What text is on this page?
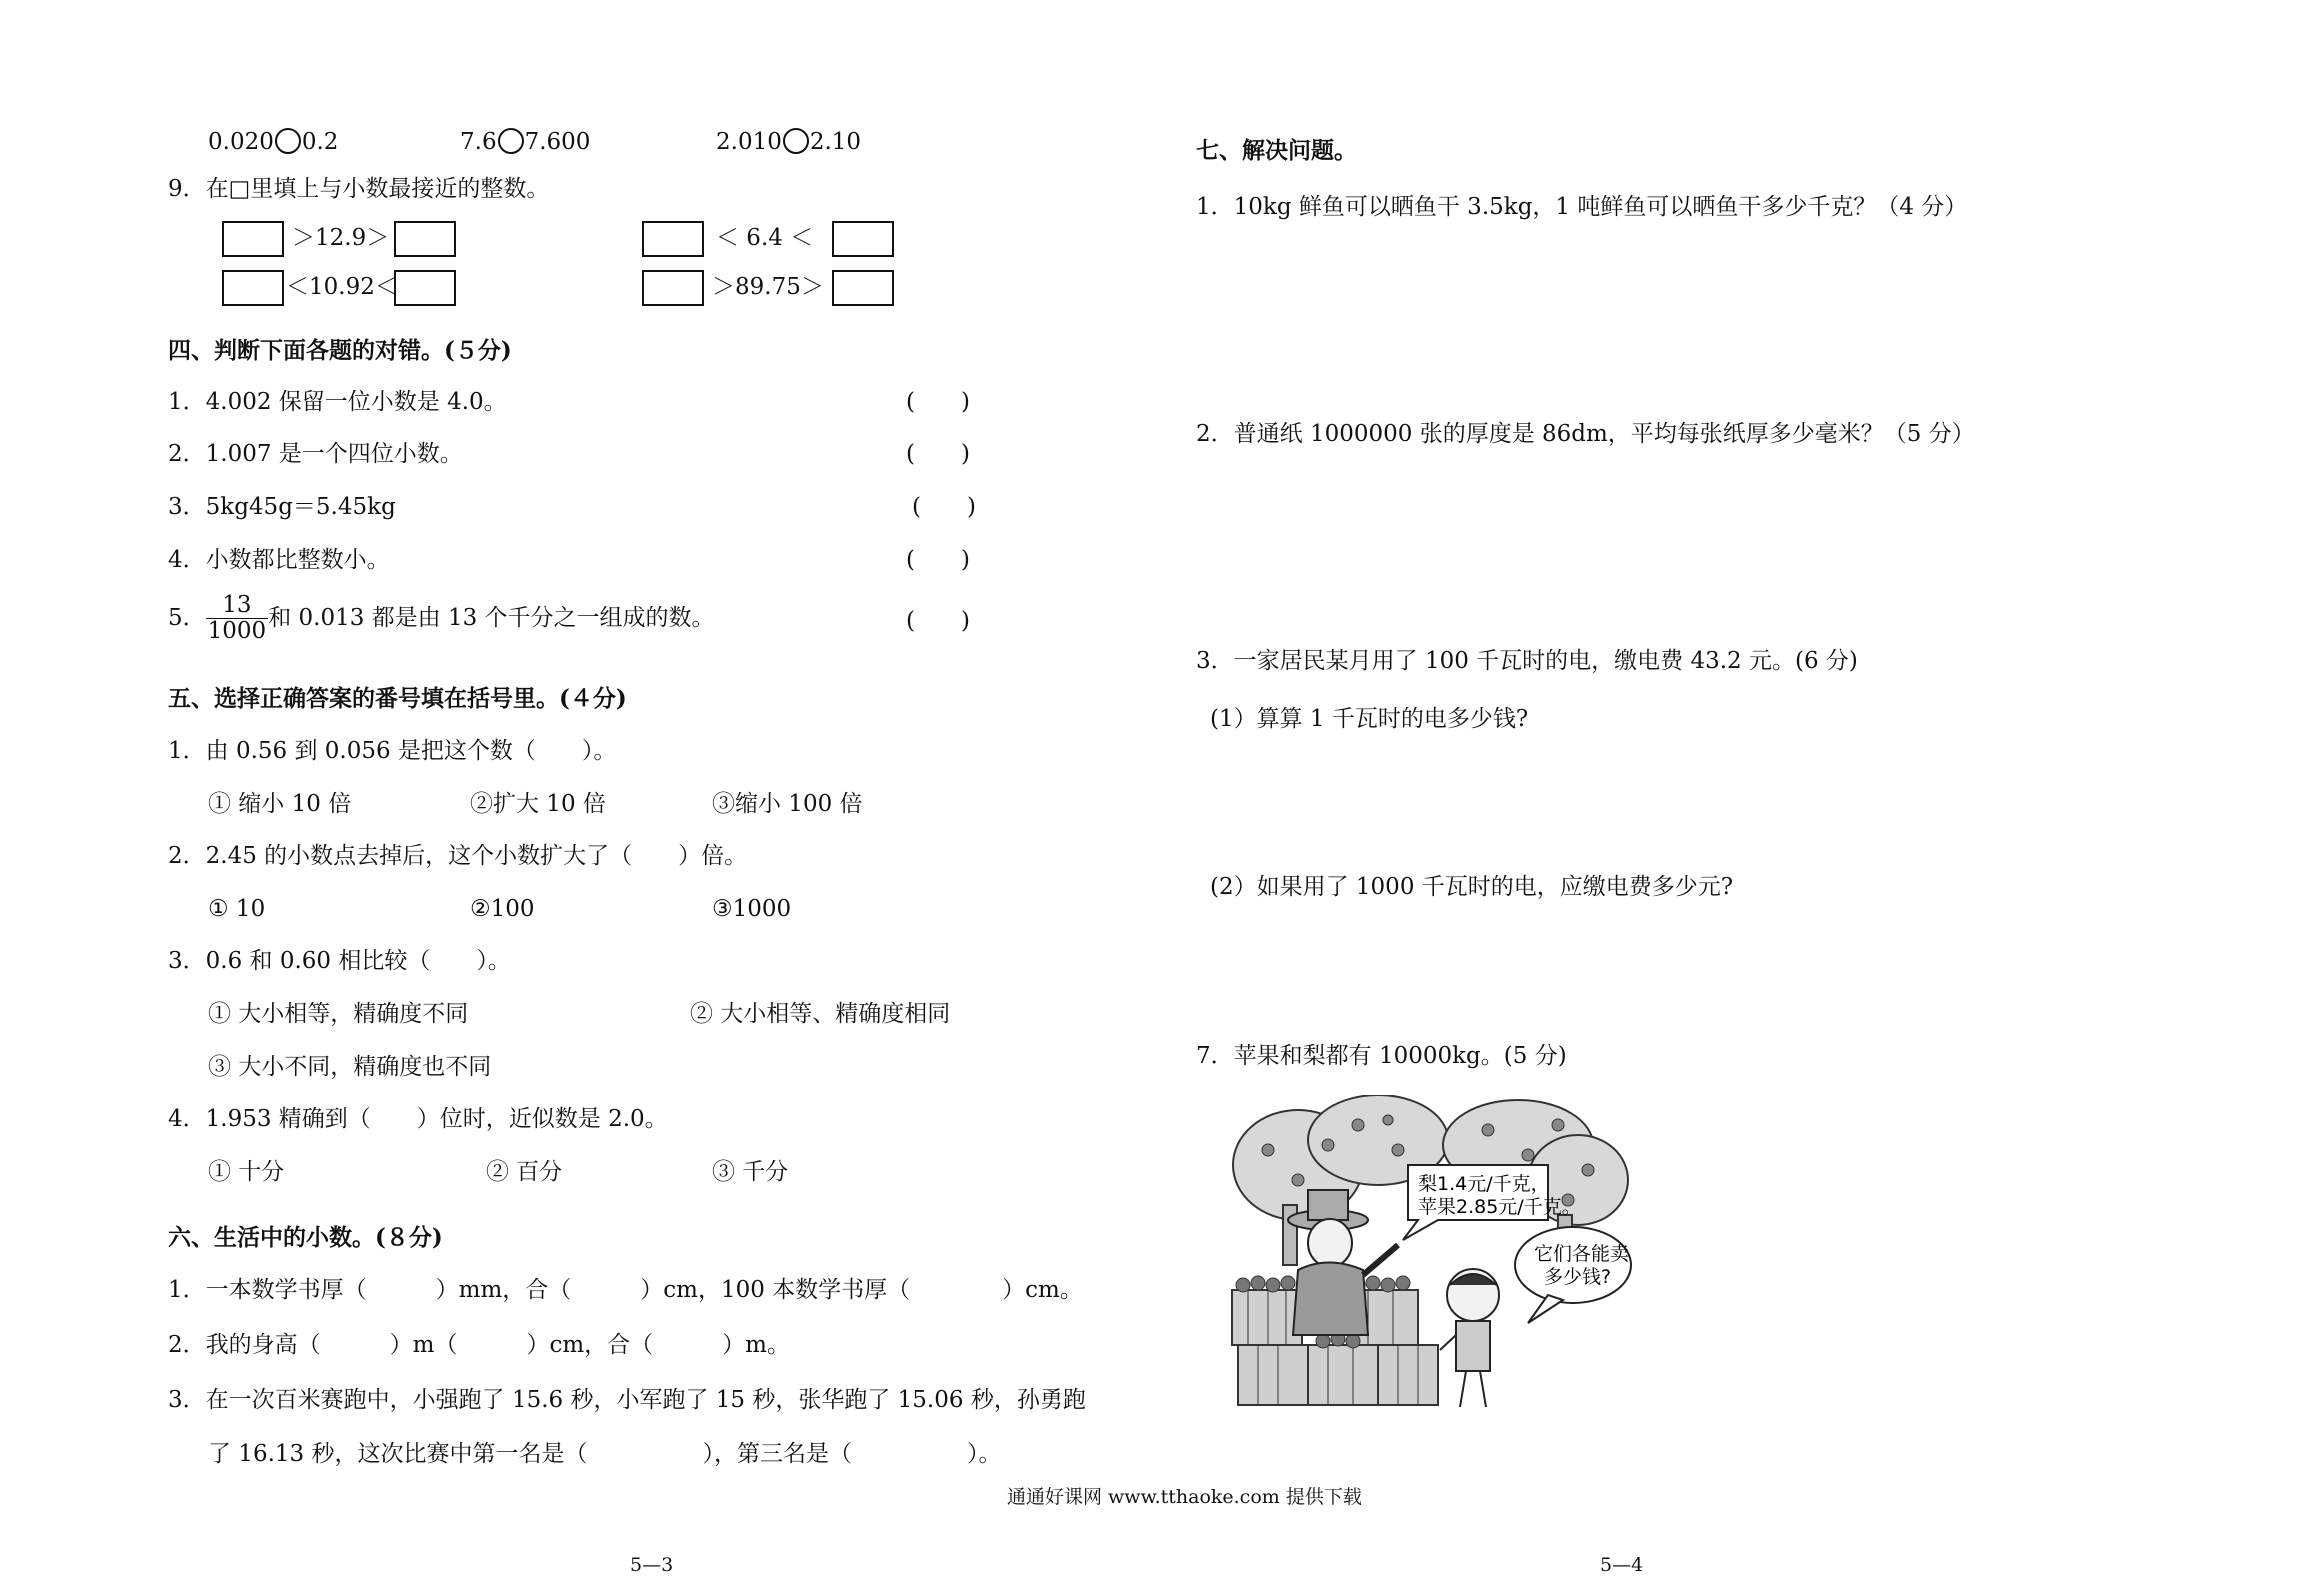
0.020 0.2	7.6 7.600	2.010 2.10
9．在□里填上与小数最接近的整数。
＞12.9＞	＜ 6.4 ＜
＜10.92＜	＞89.75＞
四、判断下面各题的对错。(５分)
1．4.002 保留一位小数是 4.0。	(　　)
2．1.007 是一个四位小数。	(　　)
3．5kg45g＝5.45kg	(　　)
4．小数都比整数小。	(　　)
5． $\frac{13}{1000}$ 和 0.013 都是由 13 个千分之一组成的数。	(　　)
五、选择正确答案的番号填在括号里。(４分)
1．由 0.56 到 0.056 是把这个数（　　）。
① 缩小 10 倍	②扩大 10 倍	③缩小 100 倍
2．2.45 的小数点去掉后，这个小数扩大了（　　）倍。
① 10	②100	③1000
3．0.6 和 0.60 相比较（　　）。
① 大小相等，精确度不同	② 大小相等、精确度相同
③ 大小不同，精确度也不同
4．1.953 精确到（　　）位时，近似数是 2.0。
① 十分	② 百分	③ 千分
六、生活中的小数。(８分)
1．一本数学书厚（　　　）mm，合（　　　）cm，100 本数学书厚（　　　　）cm。
2．我的身高（　　　）m（　　　）cm，合（　　　）m。
3．在一次百米赛跑中，小强跑了 15.6 秒，小军跑了 15 秒，张华跑了 15.06 秒，孙勇跑
了 16.13 秒，这次比赛中第一名是（　　　　　），第三名是（　　　　　）。
七、解决问题。
1．10kg 鲜鱼可以晒鱼干 3.5kg，1 吨鲜鱼可以晒鱼干多少千克？（4 分）
2．普通纸 1000000 张的厚度是 86dm，平均每张纸厚多少毫米？（5 分）
3．一家居民某月用了 100 千瓦时的电，缴电费 43.2 元。(6 分)
(1）算算 1 千瓦时的电多少钱?
(2）如果用了 1000 千瓦时的电，应缴电费多少元?
7．苹果和梨都有 10000kg。(5 分)
梨1.4元/千克，
苹果2.85元/千克。
它们各能卖
多少钱?
通通好课网 www.tthaoke.com 提供下载
5—3	5—4
